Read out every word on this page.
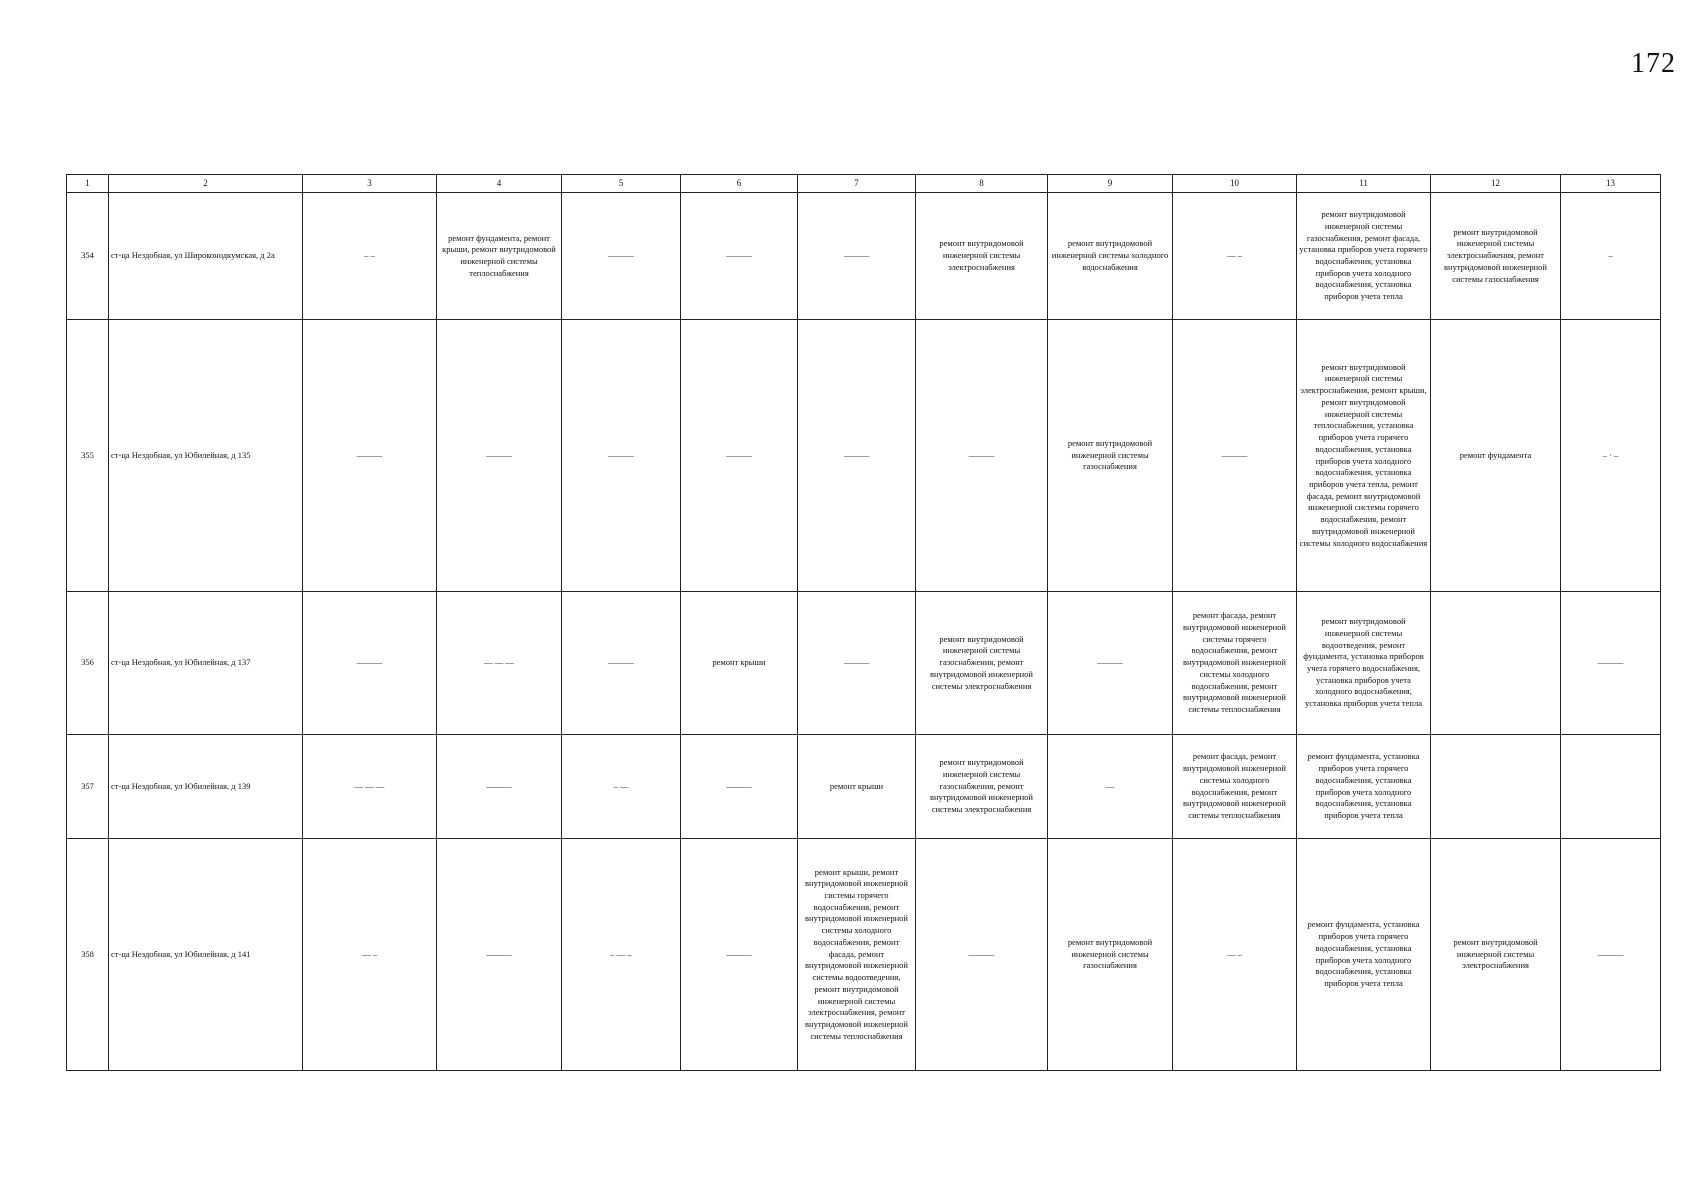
172
1	2	3	4	5	6	7	8	9	10	11	12	13
354	ст-ца Нездобная, ул Широконодкумская, д 2а	– –	ремонт фундамента, ремонт крыши, ремонт внутридомовой инженерной системы теплоснабжения	———	———	———	ремонт внутридомовой инженерной системы электроснабжения	ремонт внутридомовой инженерной системы холодного водоснабжения	— –	ремонт внутридомовой инженерной системы газоснабжения, ремонт фасада, установка приборов учета горячего водоснабжения, установка приборов учета холодного водоснабжения, установка приборов учета тепла	ремонт внутридомовой инженерной системы электроснабжения, ремонт внутридомовой инженерной системы газоснабжения	–
355	ст-ца Нездобная, ул Юбилейная, д 135	———	———	———	———	———	———	ремонт внутридомовой инженерной системы газоснабжения	———	ремонт внутридомовой инженерной системы электроснабжения, ремонт крыши, ремонт внутридомовой инженерной системы теплоснабжения, установка приборов учета горячего водоснабжения, установка приборов учета холодного водоснабжения, установка приборов учета тепла, ремонт фасада, ремонт внутридомовой инженерной системы горячего водоснабжения, ремонт внутридомовой инженерной системы холодного водоснабжения	ремонт фундамента	– · –
356	ст-ца Нездобная, ул Юбилейная, д 137	———	— — —	———	ремонт крыши	———	ремонт внутридомовой инженерной системы газоснабжения, ремонт внутридомовой инженерной системы электроснабжения	———	ремонт фасада, ремонт внутридомовой инженерной системы горячего водоснабжения, ремонт внутридомовой инженерной системы холодного водоснабжения, ремонт внутридомовой инженерной системы теплоснабжения	ремонт внутридомовой инженерной системы водоотведения, ремонт фундамента, установка приборов учета горячего водоснабжения, установка приборов учета холодного водоснабжения, установка приборов учета тепла		———
357	ст-ца Нездобная, ул Юбилейная, д 139	— — —	———	– —	———	ремонт крыши	ремонт внутридомовой инженерной системы газоснабжения, ремонт внутридомовой инженерной системы электроснабжения	—	ремонт фасада, ремонт внутридомовой инженерной системы холодного водоснабжения, ремонт внутридомовой инженерной системы теплоснабжения	ремонт фундамента, установка приборов учета горячего водоснабжения, установка приборов учета холодного водоснабжения, установка приборов учета тепла		
358	ст-ца Нездобная, ул Юбилейная, д 141	— –	———	– — –	———	ремонт крыши, ремонт внутридомовой инженерной системы горячего водоснабжения, ремонт внутридомовой инженерной системы холодного водоснабжения, ремонт фасада, ремонт внутридомовой инженерной системы водоотведения, ремонт внутридомовой инженерной системы электроснабжения, ремонт внутридомовой инженерной системы теплоснабжения	———	ремонт внутридомовой инженерной системы газоснабжения	— –	ремонт фундамента, установка приборов учета горячего водоснабжения, установка приборов учета холодного водоснабжения, установка приборов учета тепла	ремонт внутридомовой инженерной системы электроснабжения	———
